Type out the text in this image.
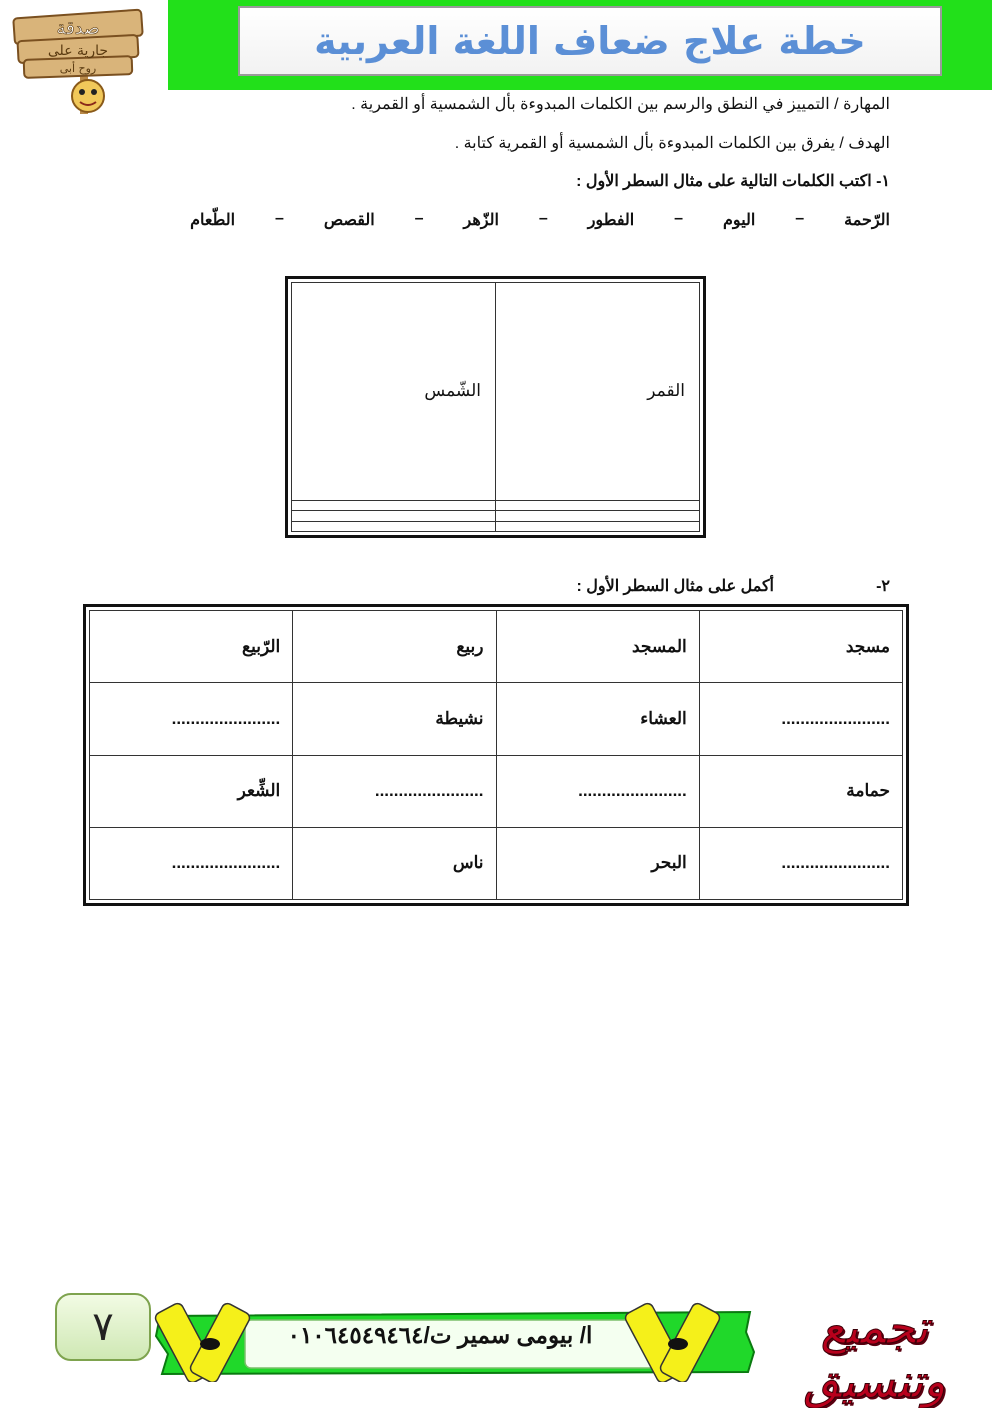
صدقة
جارية على
روح أبى
خطة علاج ضعاف اللغة العربية
المهارة / التمييز في النطق والرسم بين الكلمات المبدوءة بأل الشمسية أو القمرية .
الهدف / يفرق بين الكلمات المبدوءة بأل الشمسية أو القمرية كتابة .
١- اكتب الكلمات التالية على مثال السطر الأول :
الرّحمة
–
اليوم
–
الفطور
–
الزّهر
–
القصص
–
الطّعام
القمر	الشّمس

٢-
أكمل على مثال السطر الأول :
مسجد	المسجد	ربيع	الرّبيع
.......................	العشاء	نشيطة	.......................
حمامة	.......................	.......................	الشِّعر
.......................	البحر	ناس	.......................
٧	ا/ بيومى سمير ت/٠١٠٦٤٥٤٩٤٦٤	تجميع وتنسيق
